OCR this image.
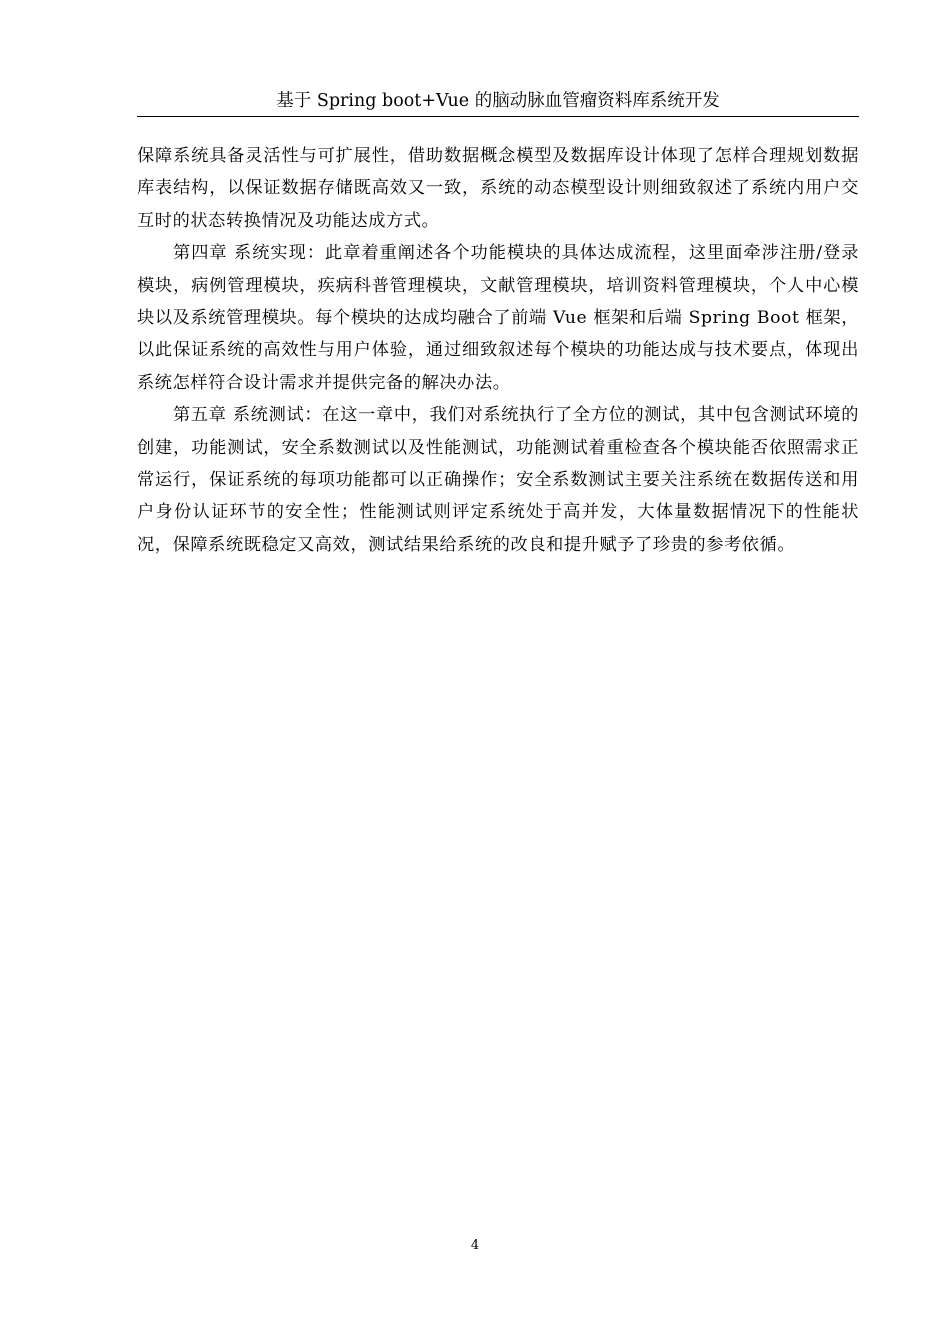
基于 Spring boot+Vue 的脑动脉血管瘤资料库系统开发

保障系统具备灵活性与可扩展性，借助数据概念模型及数据库设计体现了怎样合理规划数据库表结构，以保证数据存储既高效又一致，系统的动态模型设计则细致叙述了系统内用户交互时的状态转换情况及功能达成方式。

第四章 系统实现：此章着重阐述各个功能模块的具体达成流程，这里面牵涉注册/登录模块，病例管理模块，疾病科普管理模块，文献管理模块，培训资料管理模块，个人中心模块以及系统管理模块。每个模块的达成均融合了前端 Vue 框架和后端 Spring Boot 框架，以此保证系统的高效性与用户体验，通过细致叙述每个模块的功能达成与技术要点，体现出系统怎样符合设计需求并提供完备的解决办法。

第五章 系统测试：在这一章中，我们对系统执行了全方位的测试，其中包含测试环境的创建，功能测试，安全系数测试以及性能测试，功能测试着重检查各个模块能否依照需求正常运行，保证系统的每项功能都可以正确操作；安全系数测试主要关注系统在数据传送和用户身份认证环节的安全性；性能测试则评定系统处于高并发，大体量数据情况下的性能状况，保障系统既稳定又高效，测试结果给系统的改良和提升赋予了珍贵的参考依循。

4
